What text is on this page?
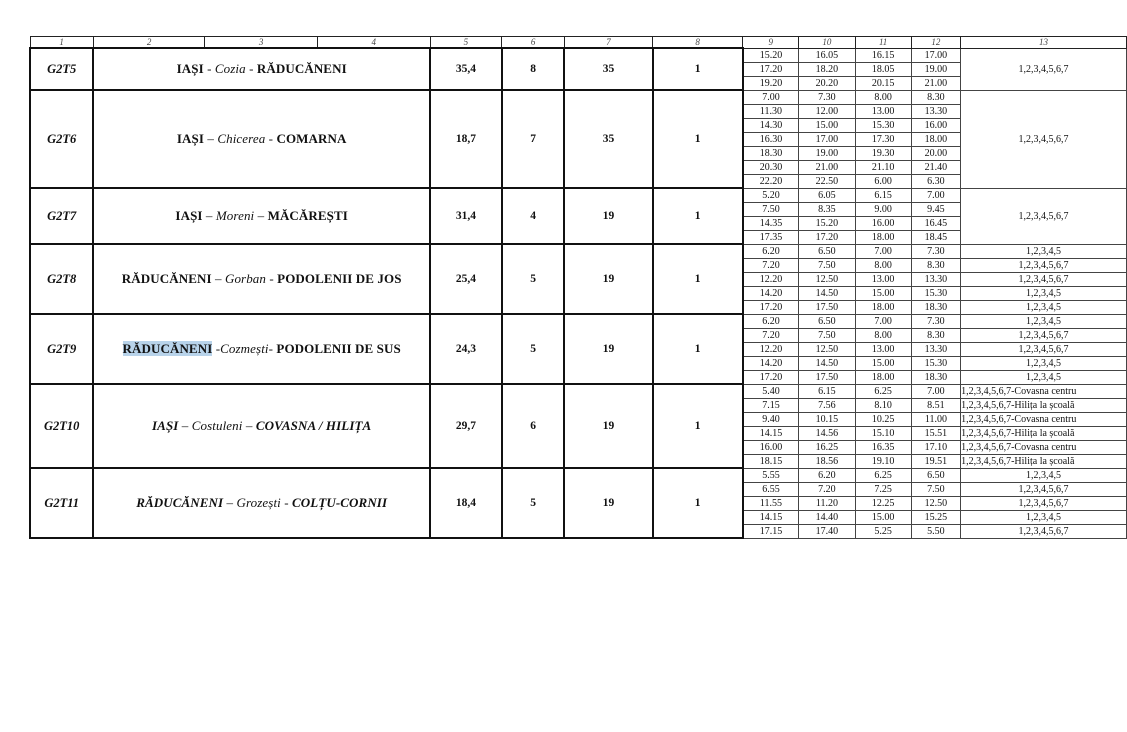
1	2	3	4	5	6	7	8	9	10	11	12	13
G2T5	IAȘI - Cozia - RĂDUCĂNENI			35,4	8	35	1	15.20	16.05	16.15	17.00	1,2,3,4,5,6,7
								17.20	18.20	18.05	19.00	
								19.20	20.20	20.15	21.00	
G2T6	IAȘI – Chicerea - COMARNA			18,7	7	35	1	7.00	7.30	8.00	8.30	1,2,3,4,5,6,7
								11.30	12.00	13.00	13.30	
								14.30	15.00	15.30	16.00	
								16.30	17.00	17.30	18.00	
								18.30	19.00	19.30	20.00	
								20.30	21.00	21.10	21.40	
								22.20	22.50	6.00	6.30	
G2T7	IAȘI – Moreni – MĂCĂREȘTI			31,4	4	19	1	5.20	6.05	6.15	7.00	1,2,3,4,5,6,7
								7.50	8.35	9.00	9.45	
								14.35	15.20	16.00	16.45	
								17.35	17.20	18.00	18.45	
G2T8	RĂDUCĂNENI – Gorban - PODOLENII DE JOS			25,4	5	19	1	6.20	6.50	7.00	7.30	1,2,3,4,5
								7.20	7.50	8.00	8.30	1,2,3,4,5,6,7
								12.20	12.50	13.00	13.30	1,2,3,4,5,6,7
								14.20	14.50	15.00	15.30	1,2,3,4,5
								17.20	17.50	18.00	18.30	1,2,3,4,5
G2T9	RĂDUCĂNENI -Cozmești- PODOLENII DE SUS			24,3	5	19	1	6.20	6.50	7.00	7.30	1,2,3,4,5
								7.20	7.50	8.00	8.30	1,2,3,4,5,6,7
								12.20	12.50	13.00	13.30	1,2,3,4,5,6,7
								14.20	14.50	15.00	15.30	1,2,3,4,5
								17.20	17.50	18.00	18.30	1,2,3,4,5
G2T10	IAȘI – Costuleni – COVASNA / HILIȚA			29,7	6	19	1	5.40	6.15	6.25	7.00	1,2,3,4,5,6,7-Covasna centru
								7.15	7.56	8.10	8.51	1,2,3,4,5,6,7-Hilița la școală
								9.40	10.15	10.25	11.00	1,2,3,4,5,6,7-Covasna centru
								14.15	14.56	15.10	15.51	1,2,3,4,5,6,7-Hilița la școală
								16.00	16.25	16.35	17.10	1,2,3,4,5,6,7-Covasna centru
								18.15	18.56	19.10	19.51	1,2,3,4,5,6,7-Hilița la școală
G2T11	RĂDUCĂNENI – Grozești - COLȚU-CORNII			18,4	5	19	1	5.55	6.20	6.25	6.50	1,2,3,4,5
								6.55	7.20	7.25	7.50	1,2,3,4,5,6,7
								11.55	11.20	12.25	12.50	1,2,3,4,5,6,7
								14.15	14.40	15.00	15.25	1,2,3,4,5
								17.15	17.40	5.25	5.50	1,2,3,4,5,6,7
